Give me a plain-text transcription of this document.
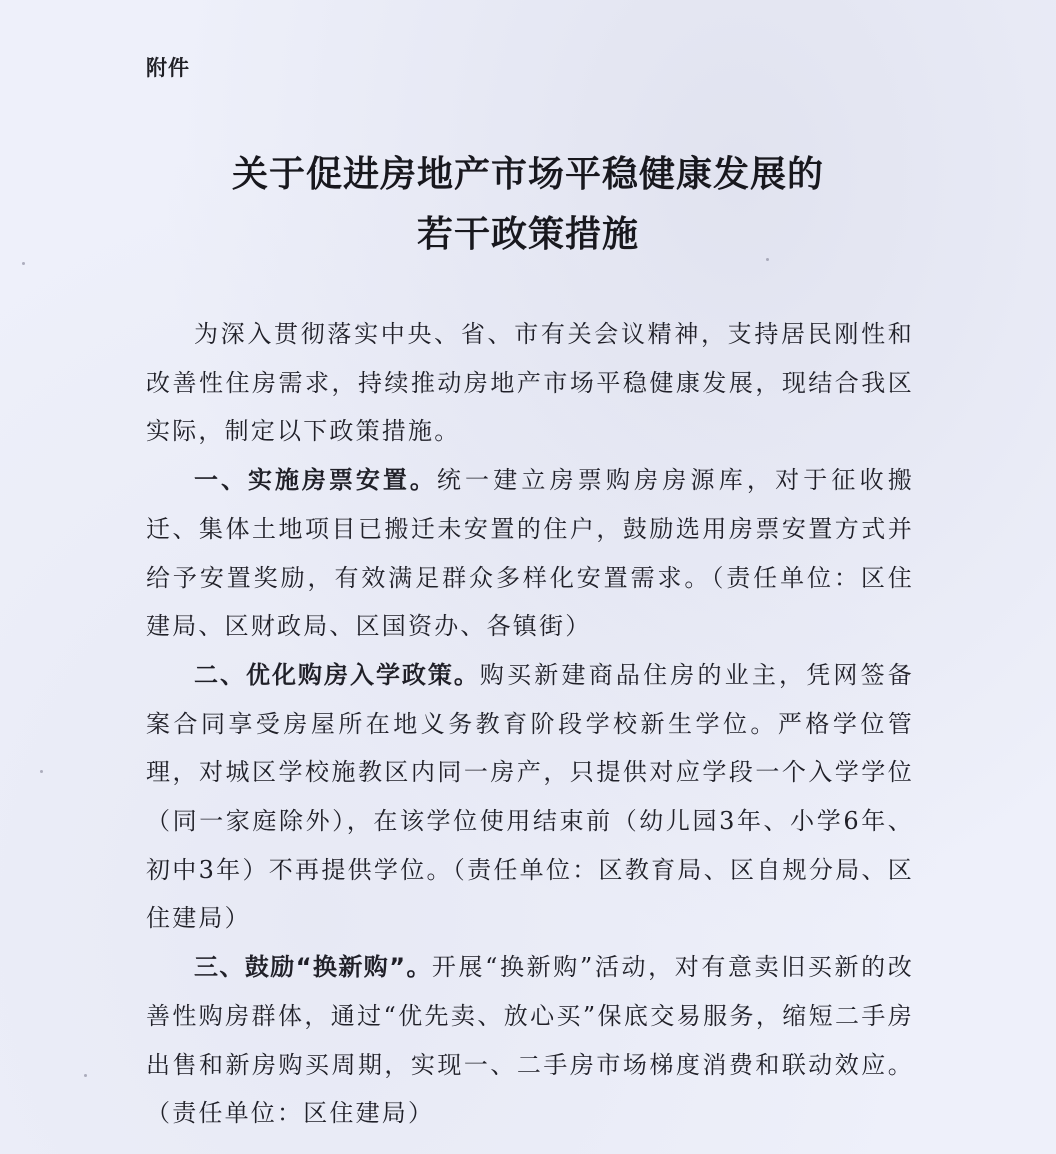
附件
关于促进房地产市场平稳健康发展的
若干政策措施

为深入贯彻落实中央、省、市有关会议精神，支持居民刚性和改善性住房需求，持续推动房地产市场平稳健康发展，现结合我区实际，制定以下政策措施。

一、实施房票安置。统一建立房票购房房源库，对于征收搬迁、集体土地项目已搬迁未安置的住户，鼓励选用房票安置方式并给予安置奖励，有效满足群众多样化安置需求。（责任单位：区住建局、区财政局、区国资办、各镇街）

二、优化购房入学政策。购买新建商品住房的业主，凭网签备案合同享受房屋所在地义务教育阶段学校新生学位。严格学位管理，对城区学校施教区内同一房产，只提供对应学段一个入学学位（同一家庭除外），在该学位使用结束前（幼儿园3年、小学6年、初中3年）不再提供学位。（责任单位：区教育局、区自规分局、区住建局）

三、鼓励“换新购”。开展“换新购”活动，对有意卖旧买新的改善性购房群体，通过“优先卖、放心买”保底交易服务，缩短二手房出售和新房购买周期，实现一、二手房市场梯度消费和联动效应。（责任单位：区住建局）
